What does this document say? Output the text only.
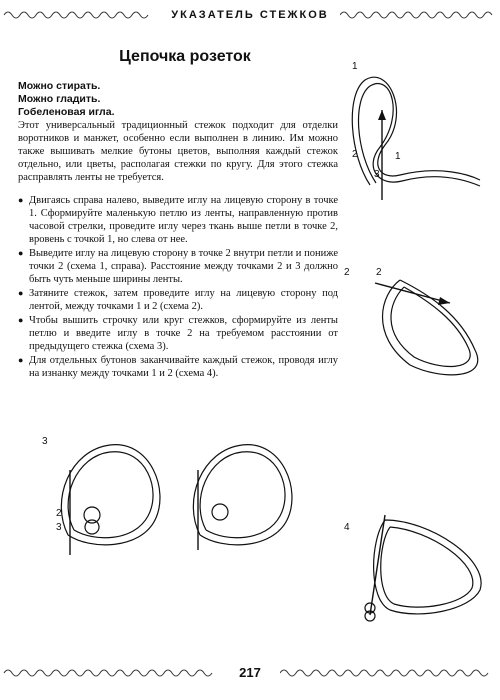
УКАЗАТЕЛЬ СТЕЖКОВ
Цепочка розеток
Можно стирать.
Можно гладить.
Гобеленовая игла.
Этот универсальный традиционный стежок подходит для отделки воротников и манжет, особенно если выполнен в линию. Им можно также вышивать мелкие бутоны цветов, выполняя каждый стежок отдельно, или цветы, располагая стежки по кругу. Для этого стежка расправлять ленты не требуется.
● Двигаясь справа налево, выведите иглу на лицевую сторону в точке 1. Сформируйте маленькую петлю из ленты, направленную против часовой стрелки, проведите иглу через ткань выше петли в точке 2, вровень с точкой 1, но слева от нее.
● Выведите иглу на лицевую сторону в точке 2 внутри петли и пониже точки 2 (схема 1, справа). Расстояние между точками 2 и 3 должно быть чуть меньше ширины ленты.
● Затяните стежок, затем проведите иглу на лицевую сторону под лентой, между точками 1 и 2 (схема 2).
● Чтобы вышить строчку или круг стежков, сформируйте из ленты петлю и введите иглу в точке 2 на требуемом расстоянии от предыдущего стежка (схема 3).
● Для отдельных бутонов заканчивайте каждый стежок, проводя иглу на изнанку между точками 1 и 2 (схема 4).
1
2	1
3
2	2
3
2
3	4
217
